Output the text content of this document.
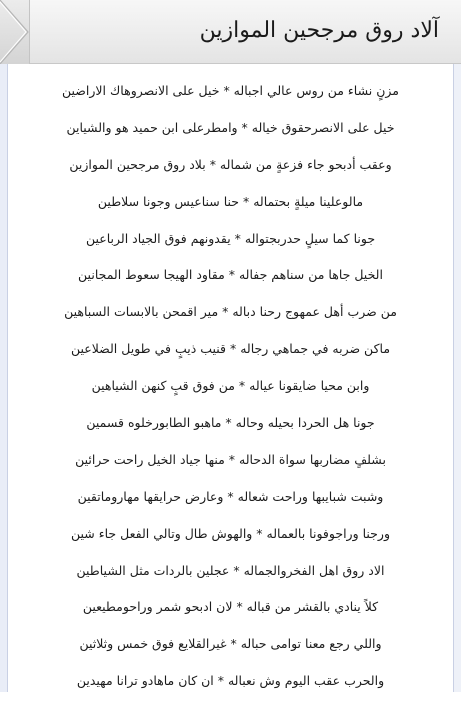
آلاد روق مرجحين الموازين
مزنٍ نشاء من روس عالي اجباله * خيل على الانصروهاك الاراضين
خيل على الانصرحقوق خياله * وامطرعلى ابن حميد هو والشياين
وعقب أدبحو جاء فزعةٍ من شماله * بلاد روق مرجحين الموازين
مالوعلينا ميلةٍ بحتماله * حنا سناعيس وجونا سلاطين
جونا كما سيلٍ حدربجتواله * يقدونهم فوق الجياد الرباعين
الخيل جاها من سناهم جفاله * مقاود الهيجا سعوط المجانين
من ضرب أهل عمهوج رحنا دباله * مير اقمحن بالابسات السباهين
ماكن ضربه في جماهي رجاله * قنيب ذيبٍ في طويل الضلاعين
وابن محيا ضايقونا عياله * من فوق قبٍ كنهن الشياهين
جونا هل الحردا بحيله وحاله * ماهبو الطابورخلوه قسمين
بشلفٍ مضاربها سواة الدحاله * منها جياد الخيل راحت حرائين
وشبت شبايبها وراحت شعاله * وعارض حرايقها مهاروماتقين
ورجنا وراجوفونا بالعماله * والهوش طال وتالي الفعل جاء شين
الاد روق اهل الفخروالجماله * عجلين بالردات مثل الشياطين
كلاً ينادي بالقشر من قباله * لان ادبحو شمر وراحومطيعين
واللي رجع معنا توامى حباله * غيرالقلايع فوق خمس وثلاثين
والحرب عقب اليوم وش نعباله * ان كان ماهادو ترانا مهيدين
